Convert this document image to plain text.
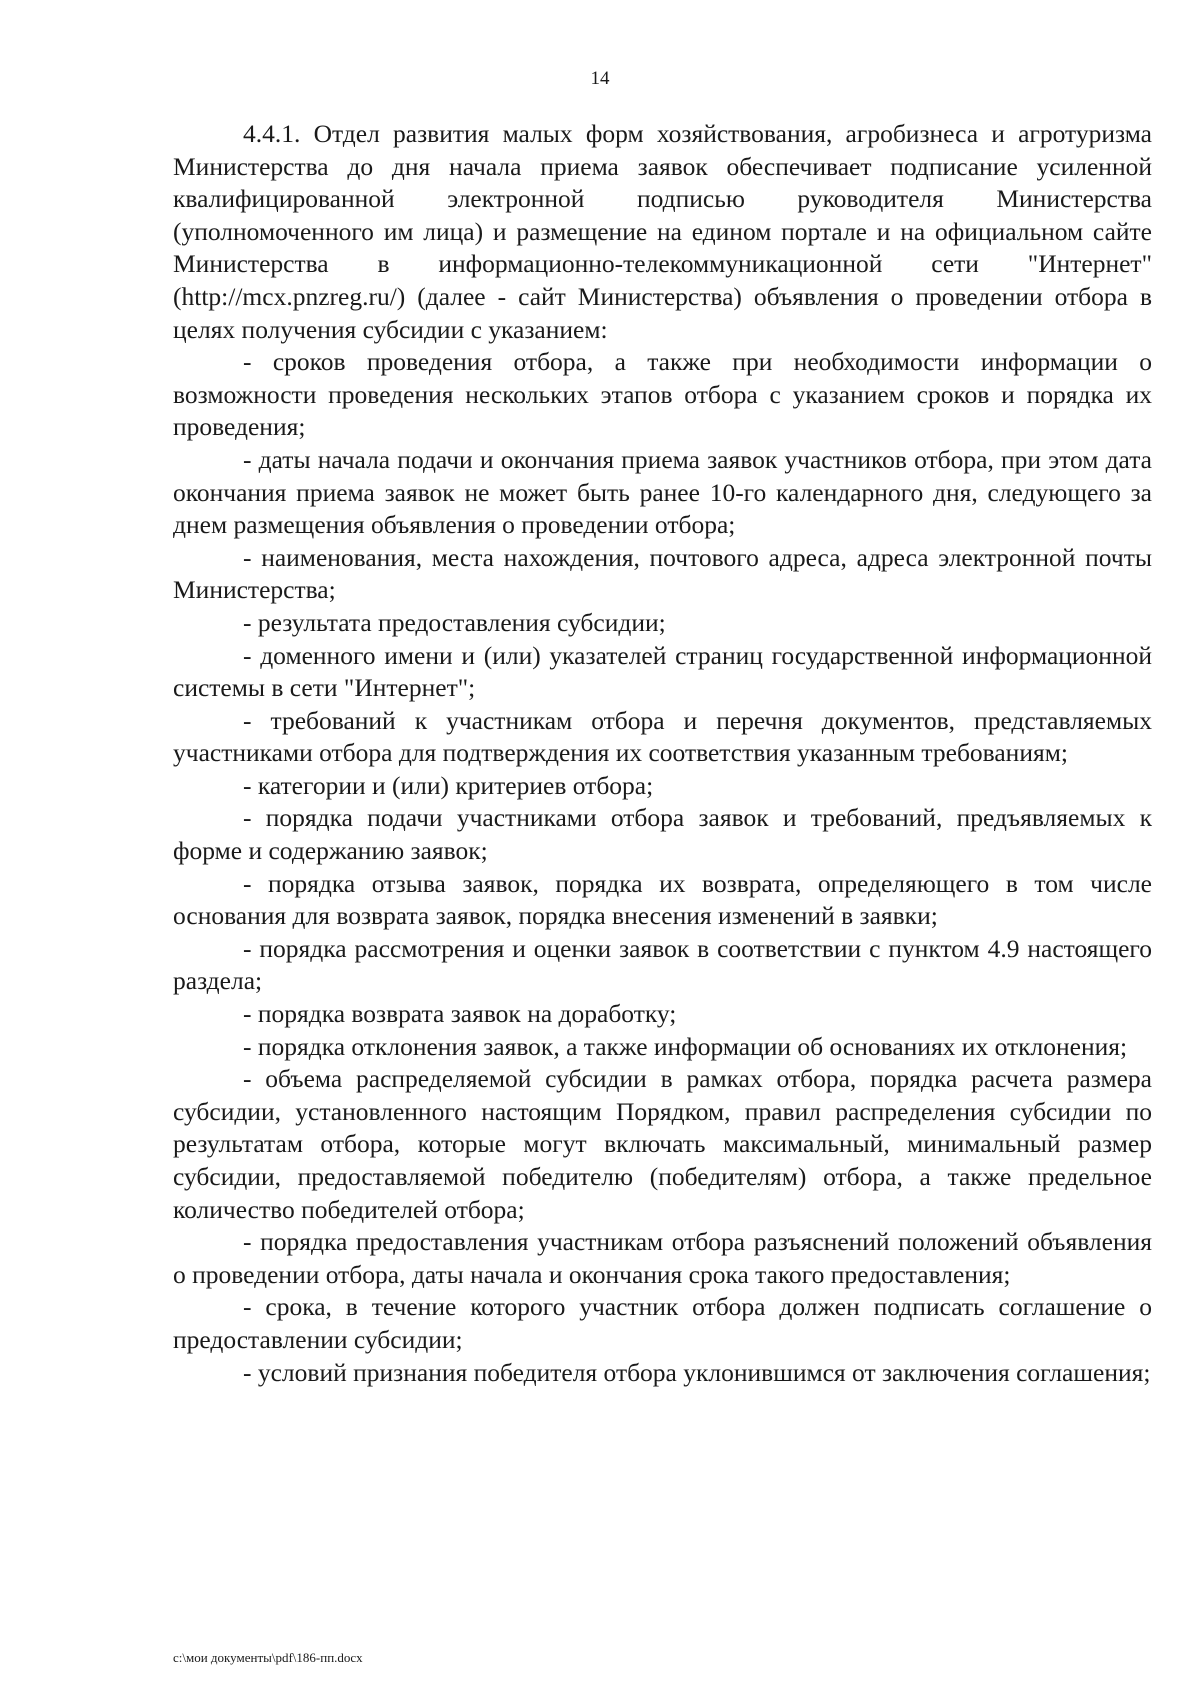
14

4.4.1. Отдел развития малых форм хозяйствования, агробизнеса и агротуризма Министерства до дня начала приема заявок обеспечивает подписание усиленной квалифицированной электронной подписью руководителя Министерства (уполномоченного им лица) и размещение на едином портале и на официальном сайте Министерства в информационно-телекоммуникационной сети "Интернет" (http://mcx.pnzreg.ru/) (далее - сайт Министерства) объявления о проведении отбора в целях получения субсидии с указанием:

- сроков проведения отбора, а также при необходимости информации о возможности проведения нескольких этапов отбора с указанием сроков и порядка их проведения;

- даты начала подачи и окончания приема заявок участников отбора, при этом дата окончания приема заявок не может быть ранее 10-го календарного дня, следующего за днем размещения объявления о проведении отбора;

- наименования, места нахождения, почтового адреса, адреса электронной почты Министерства;

- результата предоставления субсидии;

- доменного имени и (или) указателей страниц государственной информационной системы в сети "Интернет";

- требований к участникам отбора и перечня документов, представляемых участниками отбора для подтверждения их соответствия указанным требованиям;

- категории и (или) критериев отбора;

- порядка подачи участниками отбора заявок и требований, предъявляемых к форме и содержанию заявок;

- порядка отзыва заявок, порядка их возврата, определяющего в том числе основания для возврата заявок, порядка внесения изменений в заявки;

- порядка рассмотрения и оценки заявок в соответствии с пунктом 4.9 настоящего раздела;

- порядка возврата заявок на доработку;

- порядка отклонения заявок, а также информации об основаниях их отклонения;

- объема распределяемой субсидии в рамках отбора, порядка расчета размера субсидии, установленного настоящим Порядком, правил распределения субсидии по результатам отбора, которые могут включать максимальный, минимальный размер субсидии, предоставляемой победителю (победителям) отбора, а также предельное количество победителей отбора;

- порядка предоставления участникам отбора разъяснений положений объявления о проведении отбора, даты начала и окончания срока такого предоставления;

- срока, в течение которого участник отбора должен подписать соглашение о предоставлении субсидии;

- условий признания победителя отбора уклонившимся от заключения соглашения;

c:\мои документы\pdf\186-пп.docx
